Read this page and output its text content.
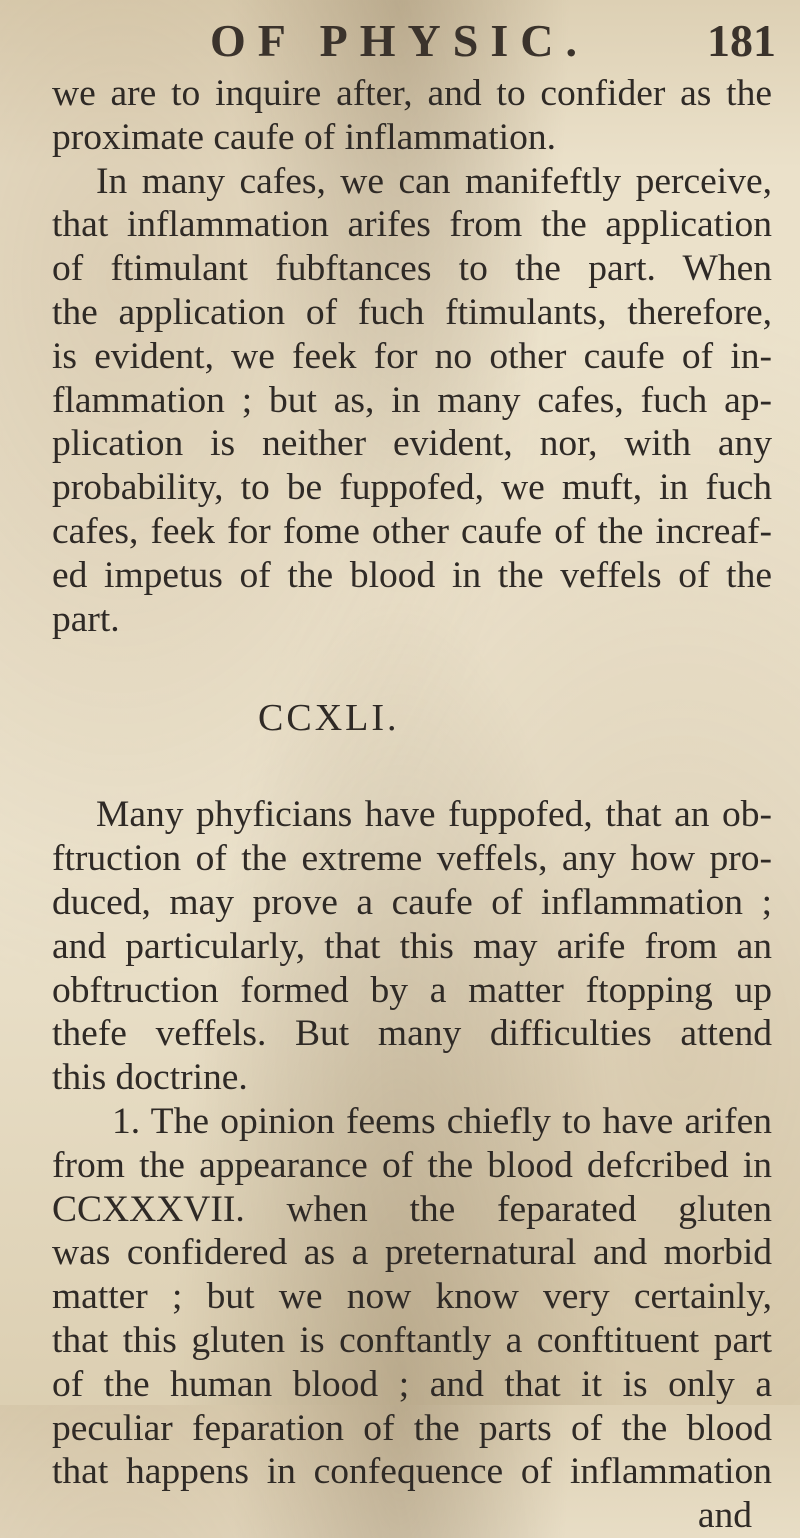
OF PHYSIC.	181
we are to inquire after, and to confider as the
proximate caufe of inflammation.
In many cafes, we can manifeftly perceive,
that inflammation arifes from the application
of ftimulant fubftances to the part. When
the application of fuch ftimulants, therefore,
is evident, we feek for no other caufe of in-
flammation ; but as, in many cafes, fuch ap-
plication is neither evident, nor, with any
probability, to be fuppofed, we muft, in fuch
cafes, feek for fome other caufe of the increaf-
ed impetus of the blood in the veffels of the
part.
CCXLI.
Many phyficians have fuppofed, that an ob-
ftruction of the extreme veffels, any how pro-
duced, may prove a caufe of inflammation ;
and particularly, that this may arife from an
obftruction formed by a matter ftopping up
thefe veffels. But many difficulties attend
this doctrine.
1. The opinion feems chiefly to have arifen
from the appearance of the blood defcribed in
CCXXXVII. when the feparated gluten
was confidered as a preternatural and morbid
matter ; but we now know very certainly,
that this gluten is conftantly a conftituent part
of the human blood ; and that it is only a
peculiar feparation of the parts of the blood
that happens in confequence of inflammation
and
